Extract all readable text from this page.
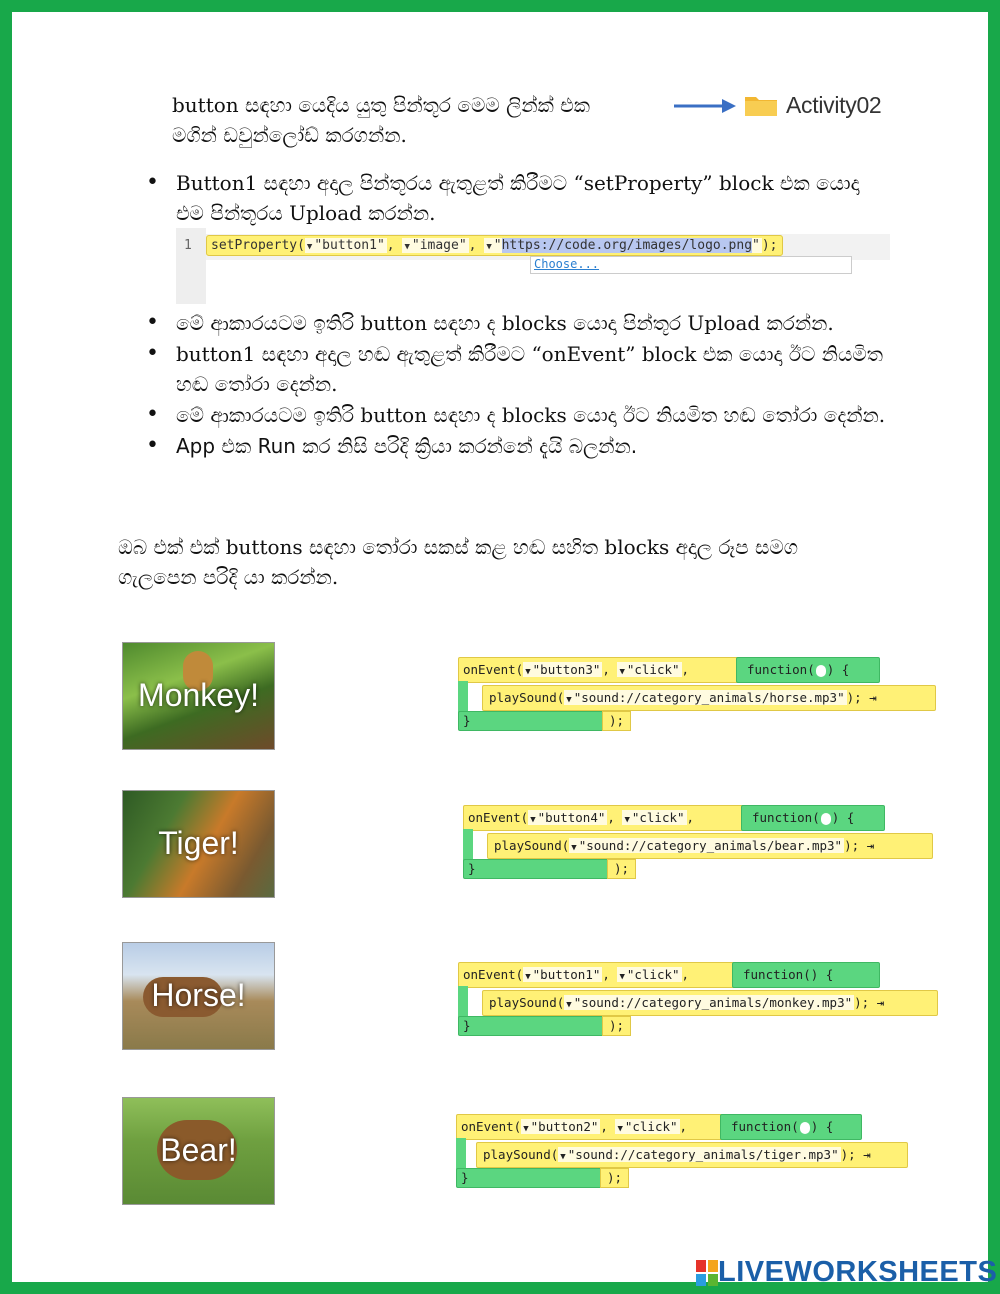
button සඳහා යෙදිය යුතු පින්තූර මෙම ලින්ක් එක
මගින් ඩවුන්ලෝඩ් කරගන්න.
Activity02
• Button1 සඳහා අදාල පින්තූරය ඇතුළත් කිරීමට “setProperty” block එක යොදා එම පින්තූරය Upload කරන්න.
1	setProperty( ▼ "button1" , ▼ "image" , ▼ "https://code.org/images/logo.png" );
Choose...
• මේ ආකාරයටම ඉතිරි button සඳහා ද blocks යොදා පින්තූර Upload කරන්න.
• button1 සඳහා අදාල හඬ ඇතුළත් කිරීමට “onEvent” block එක යොදා ඊට නියමිත හඬ තෝරා දෙන්න.
• මේ ආකාරයටම ඉතිරි button සඳහා ද blocks යොදා ඊට නියමිත හඬ තෝරා දෙන්න.
• App එක Run කර නිසි පරිදි ක්‍රියා කරන්නේ දැයි බලන්න.
ඔබ එක් එක් buttons සඳහා තෝරා සකස් කළ හඬ සහිත blocks අදාල රූප සමග ගැලපෙන පරිදි යා කරන්න.
Monkey!
Tiger!
Horse!
Bear!
onEvent( ▼ "button3" , ▼ "click" ,	function( ) {
playSound( ▼ "sound://category_animals/horse.mp3" ); ⇥
}	);
onEvent( ▼ "button4" , ▼ "click" ,	function( ) {
playSound( ▼ "sound://category_animals/bear.mp3" ); ⇥
}	);
onEvent( ▼ "button1" , ▼ "click" ,	function() {
playSound( ▼ "sound://category_animals/monkey.mp3" ); ⇥
}	);
onEvent( ▼ "button2" , ▼ "click" ,	function( ) {
playSound( ▼ "sound://category_animals/tiger.mp3" ); ⇥
}	);
LIVEWORKSHEETS
